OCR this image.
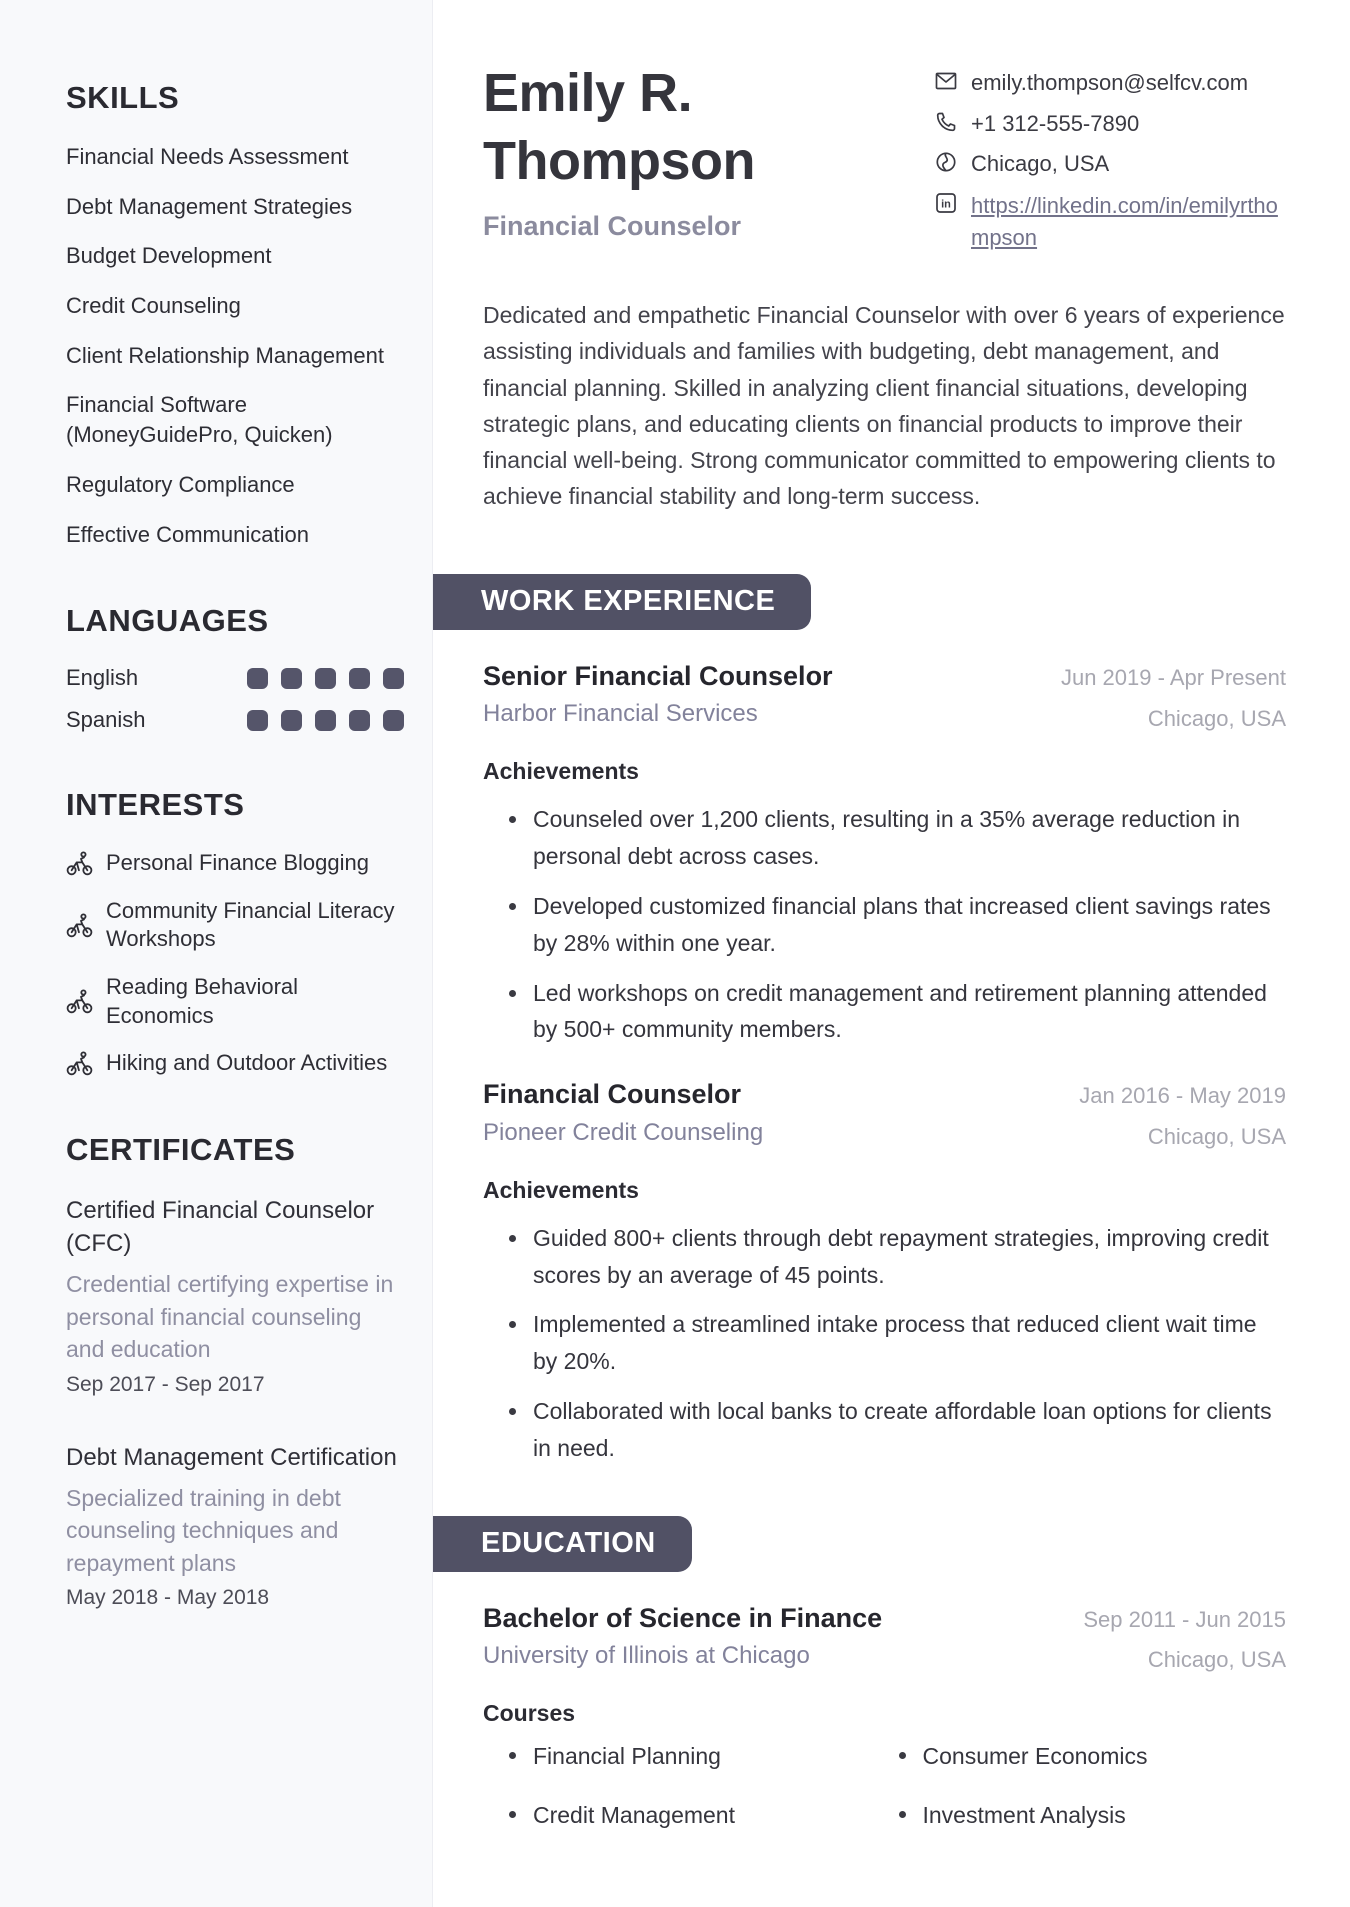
SKILLS
Financial Needs Assessment
Debt Management Strategies
Budget Development
Credit Counseling
Client Relationship Management
Financial Software (MoneyGuidePro, Quicken)
Regulatory Compliance
Effective Communication
LANGUAGES
English
Spanish
INTERESTS
Personal Finance Blogging
Community Financial Literacy Workshops
Reading Behavioral Economics
Hiking and Outdoor Activities
CERTIFICATES
Certified Financial Counselor (CFC)
Credential certifying expertise in personal financial counseling and education
Sep 2017 - Sep 2017
Debt Management Certification
Specialized training in debt counseling techniques and repayment plans
May 2018 - May 2018
Emily R. Thompson
Financial Counselor
emily.thompson@selfcv.com
+1 312-555-7890
Chicago, USA
in https://linkedin.com/in/emilyrthompson

Dedicated and empathetic Financial Counselor with over 6 years of experience assisting individuals and families with budgeting, debt management, and financial planning. Skilled in analyzing client financial situations, developing strategic plans, and educating clients on financial products to improve their financial well-being. Strong communicator committed to empowering clients to achieve financial stability and long-term success.

WORK EXPERIENCE
Senior Financial Counselor
Harbor Financial Services
Jun 2019 - Apr Present
Chicago, USA
Achievements
Counseled over 1,200 clients, resulting in a 35% average reduction in personal debt across cases.
Developed customized financial plans that increased client savings rates by 28% within one year.
Led workshops on credit management and retirement planning attended by 500+ community members.
Financial Counselor
Pioneer Credit Counseling
Jan 2016 - May 2019
Chicago, USA
Achievements
Guided 800+ clients through debt repayment strategies, improving credit scores by an average of 45 points.
Implemented a streamlined intake process that reduced client wait time by 20%.
Collaborated with local banks to create affordable loan options for clients in need.
EDUCATION
Bachelor of Science in Finance
University of Illinois at Chicago
Sep 2011 - Jun 2015
Chicago, USA
Courses
Financial Planning	Consumer Economics
Credit Management	Investment Analysis
